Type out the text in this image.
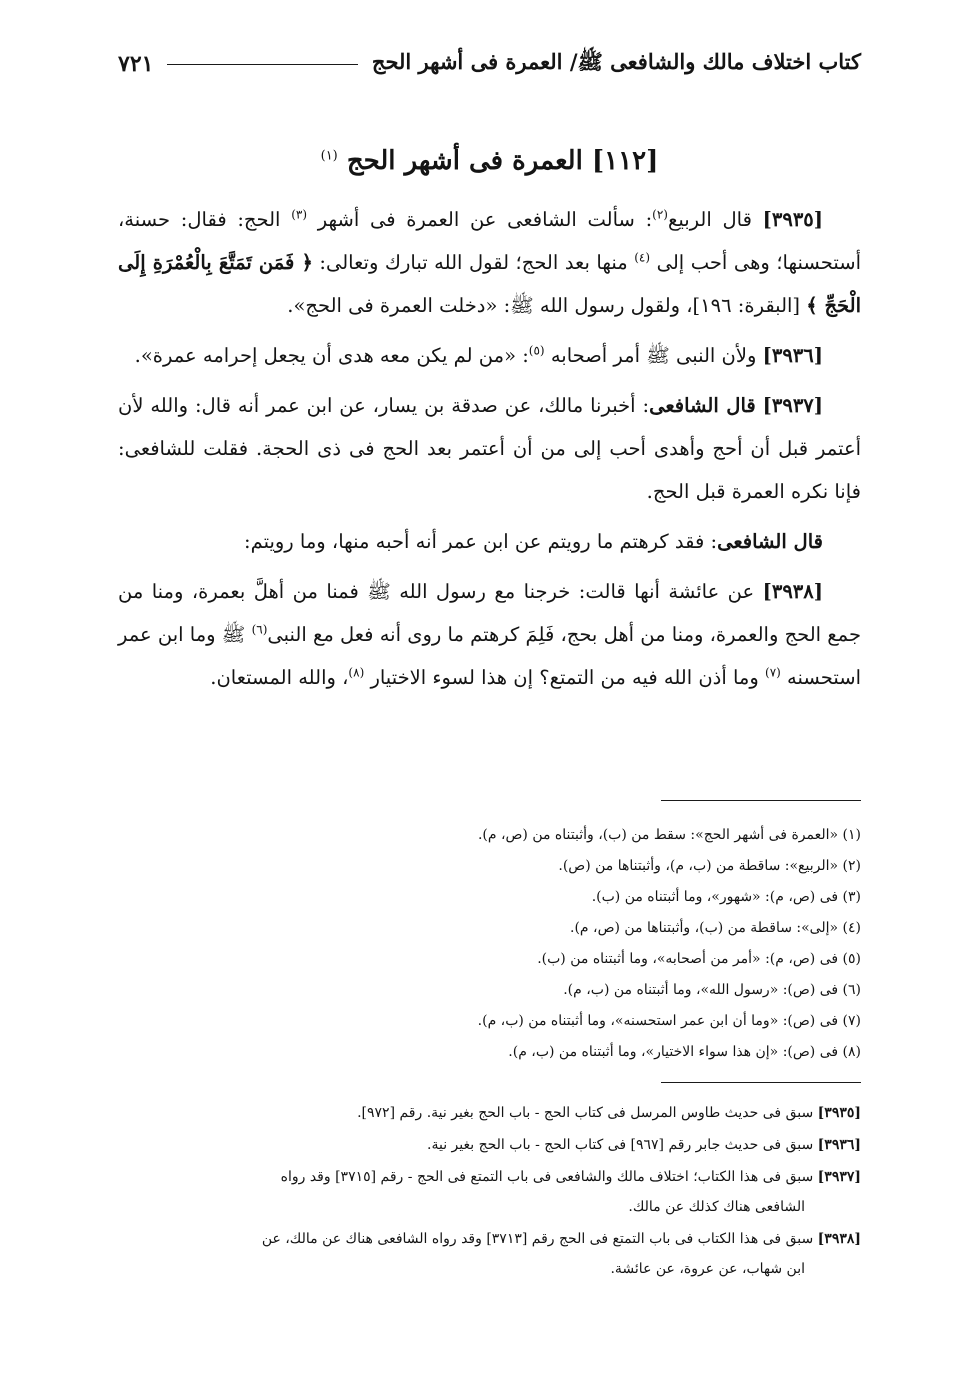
كتاب اختلاف مالك والشافعى ﷺ/ العمرة فى أشهر الحج
٧٢١
[١١٢] العمرة فى أشهر الحج $^{(١)}$

[٣٩٣٥] قال الربيع$^{(٢)}$: سألت الشافعى عن العمرة فى أشهر $^{(٣)}$ الحج: فقال: حسنة، أستحسنها؛ وهى أحب إلى $^{(٤)}$ منها بعد الحج؛ لقول الله تبارك وتعالى: ﴿ فَمَن تَمَتَّعَ بِالْعُمْرَةِ إِلَى الْحَجِّ ﴾ [البقرة: ١٩٦]، ولقول رسول الله ﷺ: «دخلت العمرة فى الحج».

[٣٩٣٦] ولأن النبى ﷺ أمر أصحابه $^{(٥)}$: «من لم يكن معه هدى أن يجعل إحرامه عمرة».

[٣٩٣٧] قال الشافعى: أخبرنا مالك، عن صدقة بن يسار، عن ابن عمر أنه قال: والله لأن أعتمر قبل أن أحج وأهدى أحب إلى من أن أعتمر بعد الحج فى ذى الحجة. فقلت للشافعى: فإنا نكره العمرة قبل الحج.

قال الشافعى: فقد كرهتم ما رويتم عن ابن عمر أنه أحبه منها، وما رويتم:

[٣٩٣٨] عن عائشة أنها قالت: خرجنا مع رسول الله ﷺ فمنا من أهلَّ بعمرة، ومنا من جمع الحج والعمرة، ومنا من أهل بحج، فَلِمَ كرهتم ما روى أنه فعل مع النبى$^{(٦)}$ ﷺ وما ابن عمر استحسنه $^{(٧)}$ وما أذن الله فيه من التمتع؟ إن هذا لسوء الاختيار $^{(٨)}$، والله المستعان.

(١) «العمرة فى أشهر الحج»: سقط من (ب)، وأثبتناه من (ص، م).
(٢) «الربيع»: ساقطة من (ب، م)، وأثبتناها من (ص).
(٣) فى (ص، م): «شهور»، وما أثبتناه من (ب).
(٤) «إلى»: ساقطة من (ب)، وأثبتناها من (ص، م).
(٥) فى (ص، م): «أمر من أصحابه»، وما أثبتناه من (ب).
(٦) فى (ص): «رسول الله»، وما أثبتناه من (ب، م).
(٧) فى (ص): «وما أن ابن عمر استحسنه»، وما أثبتناه من (ب، م).
(٨) فى (ص): «إن هذا سواء الاختيار»، وما أثبتناه من (ب، م).
[٣٩٣٥] سبق فى حديث طاوس المرسل فى كتاب الحج - باب الحج بغير نية. رقم [٩٧٢].
[٣٩٣٦] سبق فى حديث جابر رقم [٩٦٧] فى كتاب الحج - باب الحج بغير نية.
[٣٩٣٧] سبق فى هذا الكتاب؛ اختلاف مالك والشافعى فى باب التمتع فى الحج - رقم [٣٧١٥] وقد رواه
الشافعى هناك كذلك عن مالك.
[٣٩٣٨] سبق فى هذا الكتاب فى باب التمتع فى الحج رقم [٣٧١٣] وقد رواه الشافعى هناك عن مالك، عن
ابن شهاب، عن عروة، عن عائشة.
